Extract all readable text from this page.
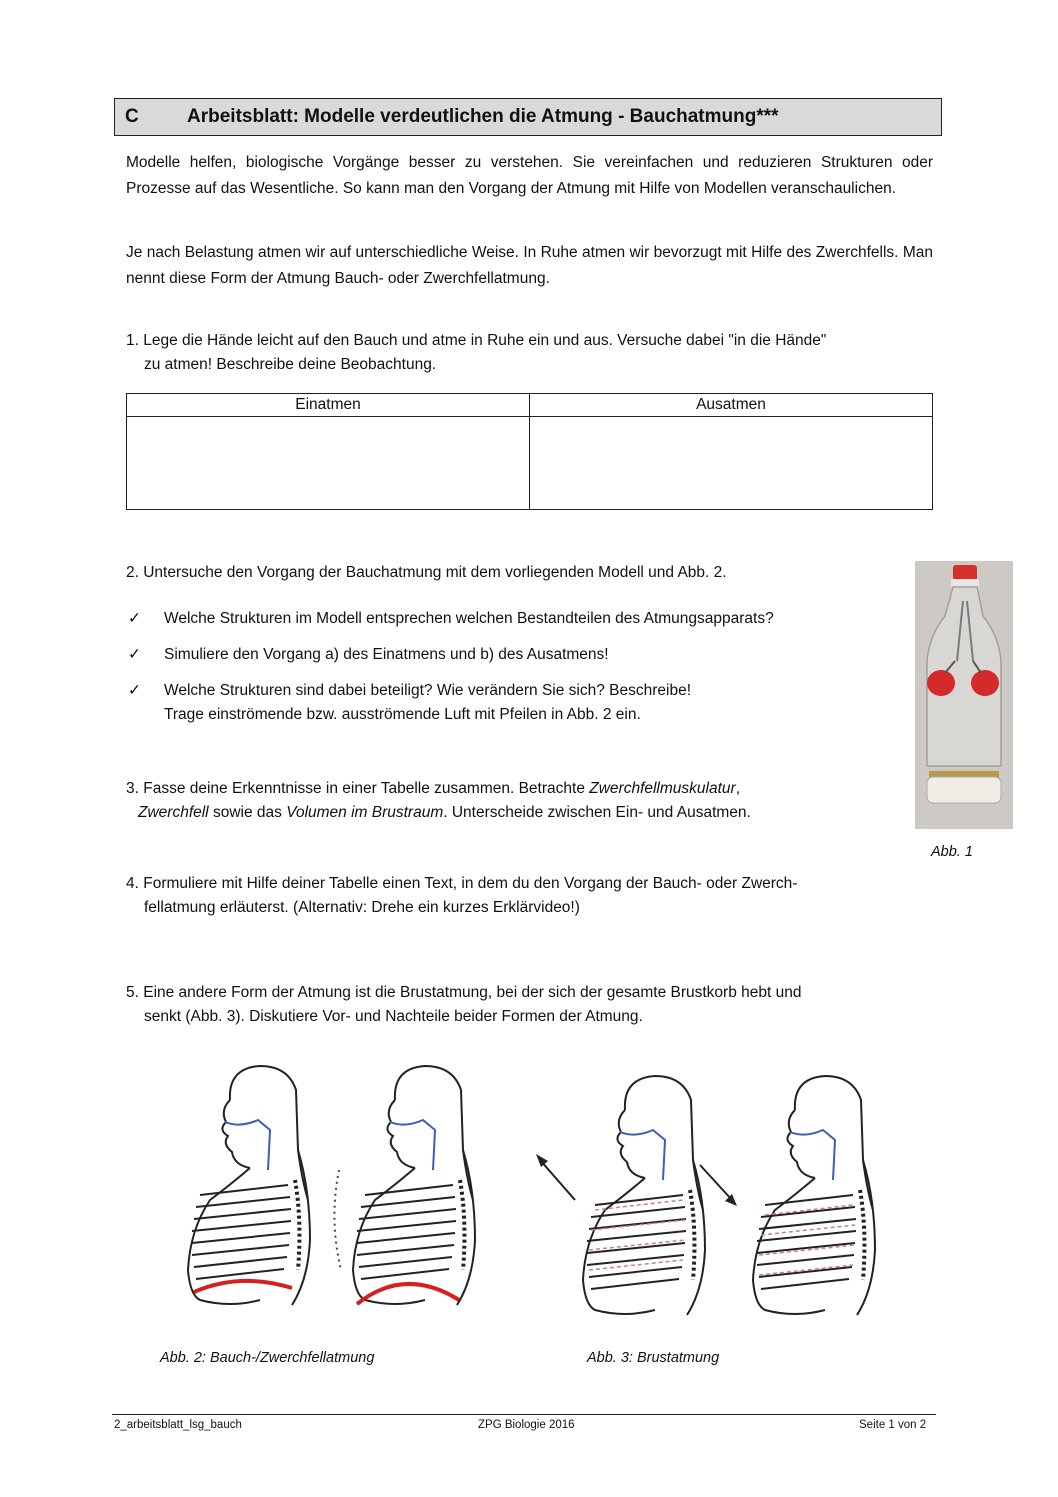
C	Arbeitsblatt: Modelle verdeutlichen die Atmung - Bauchatmung***
Modelle helfen, biologische Vorgänge besser zu verstehen. Sie vereinfachen und reduzieren Strukturen oder Prozesse auf das Wesentliche. So kann man den Vorgang der Atmung mit Hilfe von Modellen veranschaulichen.
Je nach Belastung atmen wir auf unterschiedliche Weise. In Ruhe atmen wir bevorzugt mit Hilfe des Zwerchfells. Man nennt diese Form der Atmung Bauch- oder Zwerchfellatmung.
1. Lege die Hände leicht auf den Bauch und atme in Ruhe ein und aus. Versuche dabei "in die Hände"

zu atmen! Beschreibe deine Beobachtung.
Einatmen	Ausatmen

2. Untersuche den Vorgang der Bauchatmung mit dem vorliegenden Modell und Abb. 2.
✓ Welche Strukturen im Modell entsprechen welchen Bestandteilen des Atmungsapparats?
✓ Simuliere den Vorgang a) des Einatmens und b) des Ausatmens!
✓ Welche Strukturen sind dabei beteiligt? Wie verändern Sie sich? Beschreibe!
Trage einströmende bzw. ausströmende Luft mit Pfeilen in Abb. 2 ein.
Abb. 1
3. Fasse deine Erkenntnisse in einer Tabelle zusammen. Betrachte Zwerchfellmuskulatur,
Zwerchfell sowie das Volumen im Brustraum. Unterscheide zwischen Ein- und Ausatmen.
4. Formuliere mit Hilfe deiner Tabelle einen Text, in dem du den Vorgang der Bauch- oder Zwerch-

fellatmung erläuterst. (Alternativ: Drehe ein kurzes Erklärvideo!)
5. Eine andere Form der Atmung ist die Brustatmung, bei der sich der gesamte Brustkorb hebt und

senkt (Abb. 3). Diskutiere Vor- und Nachteile beider Formen der Atmung.
Abb. 2: Bauch-/Zwerchfellatmung	Abb. 3: Brustatmung
2_arbeitsblatt_lsg_bauch	ZPG Biologie 2016	Seite 1 von 2
